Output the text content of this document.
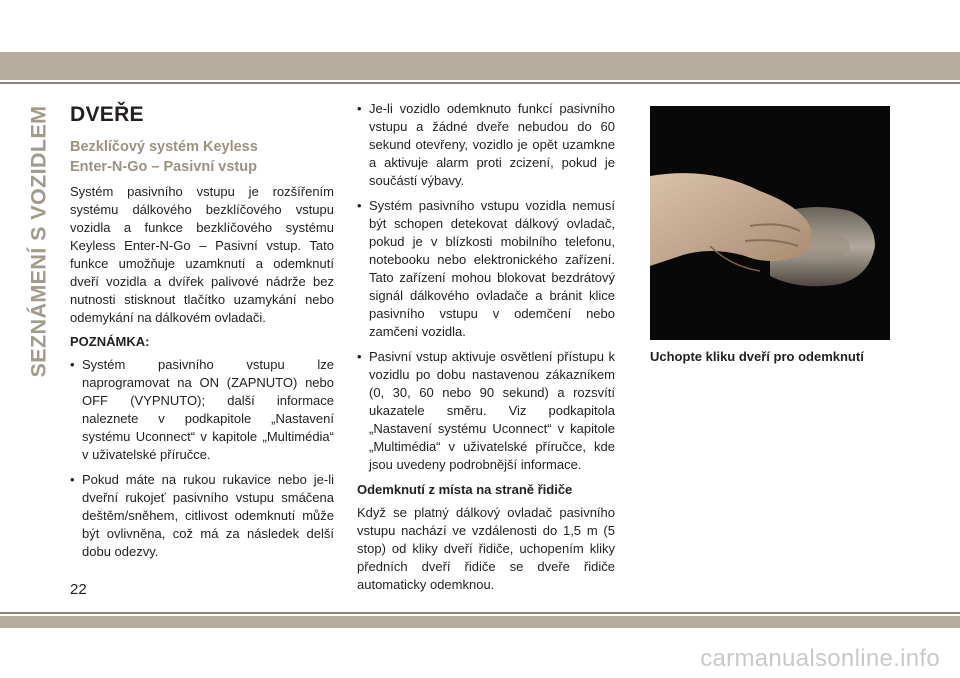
SEZNÁMENÍ S VOZIDLEM DVEŘE
Bezklíčový systém Keyless
Enter-N-Go – Pasivní vstup

Systém pasivního vstupu je rozšířením systému dálkového bezklíčového vstupu vozidla a funkce bezklíčového systému Keyless Enter-N-Go – Pasivní vstup. Tato funkce umožňuje uzamknutí a odemknutí dveří vozidla a dvířek palivové nádrže bez nutnosti stisknout tlačítko uzamykání nebo odemykání na dálkovém ovladači.

POZNÁMKA:
• Systém pasivního vstupu lze naprogramovat na ON (ZAPNUTO) nebo OFF (VYPNUTO); další informace naleznete v podkapitole „Nastavení systému Uconnect“ v kapitole „Multimédia“ v uživatelské příručce.
• Pokud máte na rukou rukavice nebo je-li dveřní rukojeť pasivního vstupu smáčena deštěm/sněhem, citlivost odemknutí může být ovlivněna, což má za následek delší dobu odezvy.
• Je-li vozidlo odemknuto funkcí pasivního vstupu a žádné dveře nebudou do 60 sekund otevřeny, vozidlo je opět uzamkne a aktivuje alarm proti zcizení, pokud je součástí výbavy.
• Systém pasivního vstupu vozidla nemusí být schopen detekovat dálkový ovladač, pokud je v blízkosti mobilního telefonu, notebooku nebo elektronického zařízení. Tato zařízení mohou blokovat bezdrátový signál dálkového ovladače a bránit klice pasivního vstupu v odemčení nebo zamčení vozidla.
• Pasivní vstup aktivuje osvětlení přístupu k vozidlu po dobu nastavenou zákazníkem (0, 30, 60 nebo 90 sekund) a rozsvítí ukazatele směru. Viz podkapitola „Nastavení systému Uconnect“ v kapitole „Multimédia“ v uživatelské příručce, kde jsou uvedeny podrobnější informace.
Odemknutí z místa na straně řidiče

Když se platný dálkový ovladač pasivního vstupu nachází ve vzdálenosti do 1,5 m (5 stop) od kliky dveří řidiče, uchopením kliky předních dveří řidiče se dveře řidiče automaticky odemknou.

Uchopte kliku dveří pro odemknutí
22
carmanualsonline.info
